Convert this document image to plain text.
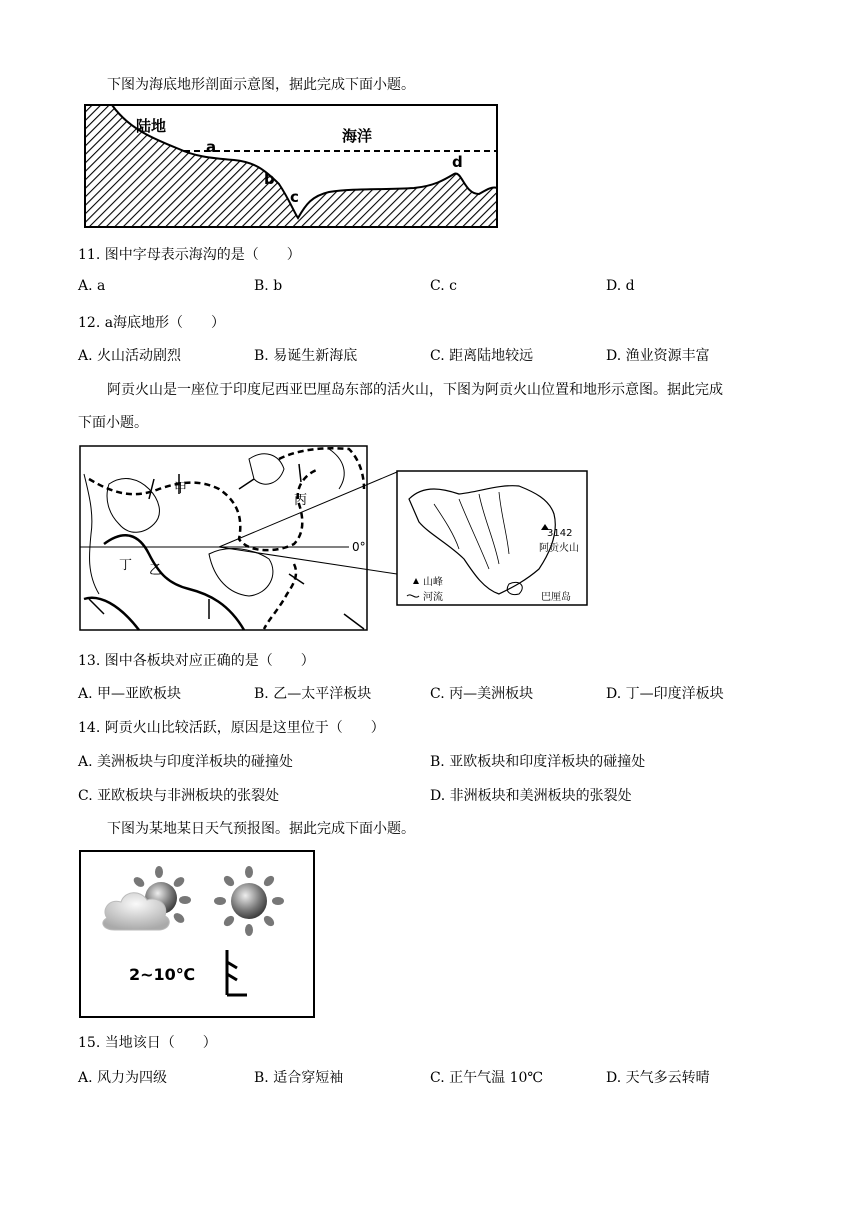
下图为海底地形剖面示意图，据此完成下面小题。
陆地
海洋
a
b
c
d
11. 图中字母表示海沟的是（　　）
A. a	B. b	C. c	D. d
12. a海底地形（　　）
A. 火山活动剧烈	B. 易诞生新海底	C. 距离陆地较远	D. 渔业资源丰富
阿贡火山是一座位于印度尼西亚巴厘岛东部的活火山，下图为阿贡火山位置和地形示意图。据此完成
下面小题。
0°
甲
乙
丙
丁
3142
阿贡火山
山峰
河流	巴厘岛
13. 图中各板块对应正确的是（　　）
A. 甲—亚欧板块	B. 乙—太平洋板块	C. 丙—美洲板块	D. 丁—印度洋板块
14. 阿贡火山比较活跃，原因是这里位于（　　）
A. 美洲板块与印度洋板块的碰撞处	B. 亚欧板块和印度洋板块的碰撞处
C. 亚欧板块与非洲板块的张裂处	D. 非洲板块和美洲板块的张裂处
下图为某地某日天气预报图。据此完成下面小题。
2~10℃
15. 当地该日（　　）
A. 风力为四级	B. 适合穿短袖	C. 正午气温 10℃	D. 天气多云转晴
